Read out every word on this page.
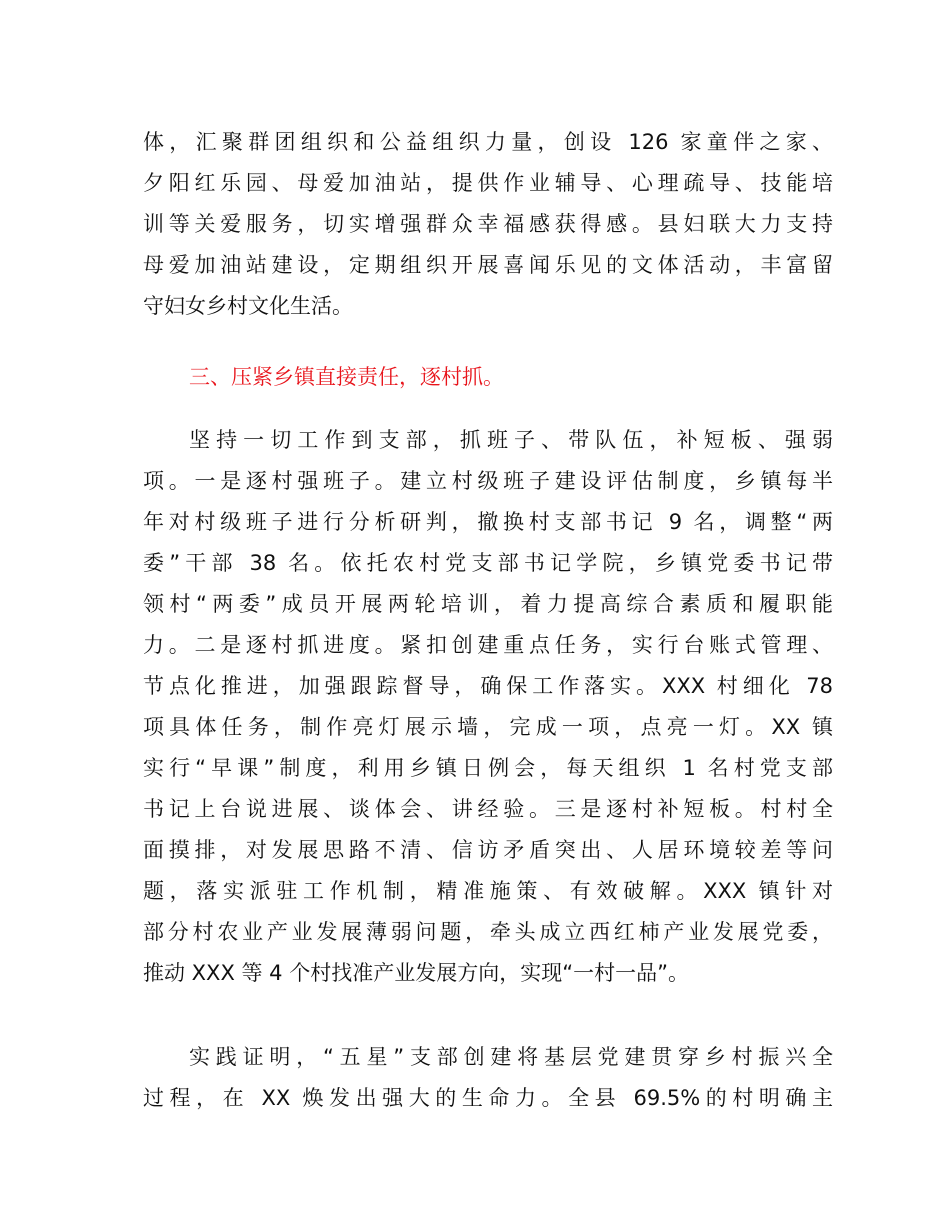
体，汇聚群团组织和公益组织力量，创设 126 家童伴之家、
夕阳红乐园、母爱加油站，提供作业辅导、心理疏导、技能培
训等关爱服务，切实增强群众幸福感获得感。县妇联大力支持
母爱加油站建设，定期组织开展喜闻乐见的文体活动，丰富留
守妇女乡村文化生活。
三、压紧乡镇直接责任，逐村抓。
坚持一切工作到支部，抓班子、带队伍，补短板、强弱
项。一是逐村强班子。建立村级班子建设评估制度，乡镇每半
年对村级班子进行分析研判，撤换村支部书记 9 名，调整“两
委”干部 38 名。依托农村党支部书记学院，乡镇党委书记带
领村“两委”成员开展两轮培训，着力提高综合素质和履职能
力。二是逐村抓进度。紧扣创建重点任务，实行台账式管理、
节点化推进，加强跟踪督导，确保工作落实。XXX 村细化 78
项具体任务，制作亮灯展示墙，完成一项，点亮一灯。XX 镇
实行“早课”制度，利用乡镇日例会，每天组织 1 名村党支部
书记上台说进展、谈体会、讲经验。三是逐村补短板。村村全
面摸排，对发展思路不清、信访矛盾突出、人居环境较差等问
题，落实派驻工作机制，精准施策、有效破解。XXX 镇针对
部分村农业产业发展薄弱问题，牵头成立西红柿产业发展党委，
推动 XXX 等 4 个村找准产业发展方向，实现“一村一品”。
实践证明，“五星”支部创建将基层党建贯穿乡村振兴全
过程，在 XX 焕发出强大的生命力。全县 69.5%的村明确主
